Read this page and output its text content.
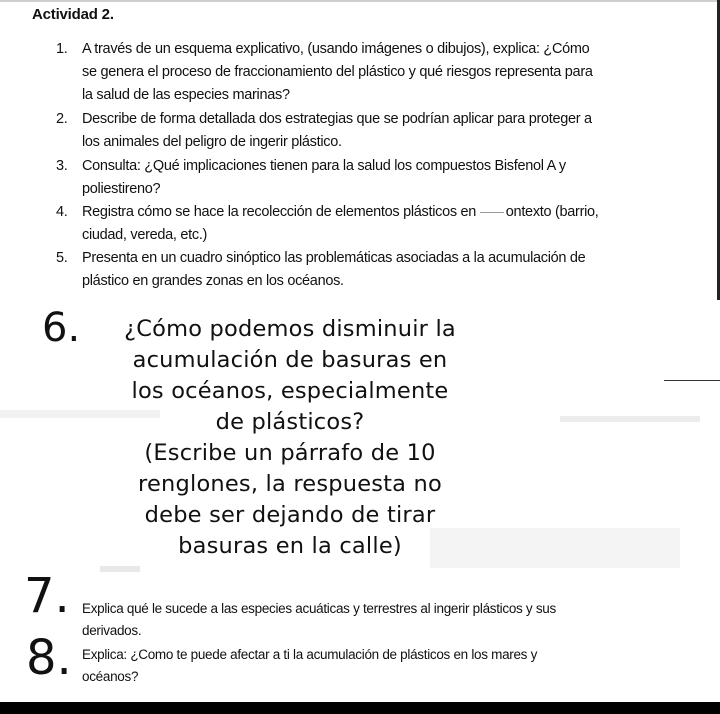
Actividad 2.
1. A través de un esquema explicativo, (usando imágenes o dibujos), explica: ¿Cómo
se genera el proceso de fraccionamiento del plástico y qué riesgos representa para
la salud de las especies marinas?
2. Describe de forma detallada dos estrategias que se podrían aplicar para proteger a
los animales del peligro de ingerir plástico.
3. Consulta: ¿Qué implicaciones tienen para la salud los compuestos Bisfenol A y
poliestireno?
4. Registra cómo se hace la recolección de elementos plásticos en ontexto (barrio,
ciudad, vereda, etc.)
5. Presenta en un cuadro sinóptico las problemáticas asociadas a la acumulación de
plástico en grandes zonas en los océanos.
6.	¿Cómo podemos disminuir la
acumulación de basuras en
los océanos, especialmente
de plásticos?
(Escribe un párrafo de 10
renglones, la respuesta no
debe ser dejando de tirar
basuras en la calle)
7. Explica qué le sucede a las especies acuáticas y terrestres al ingerir plásticos y sus
derivados.
8. Explica: ¿Como te puede afectar a ti la acumulación de plásticos en los mares y
océanos?
